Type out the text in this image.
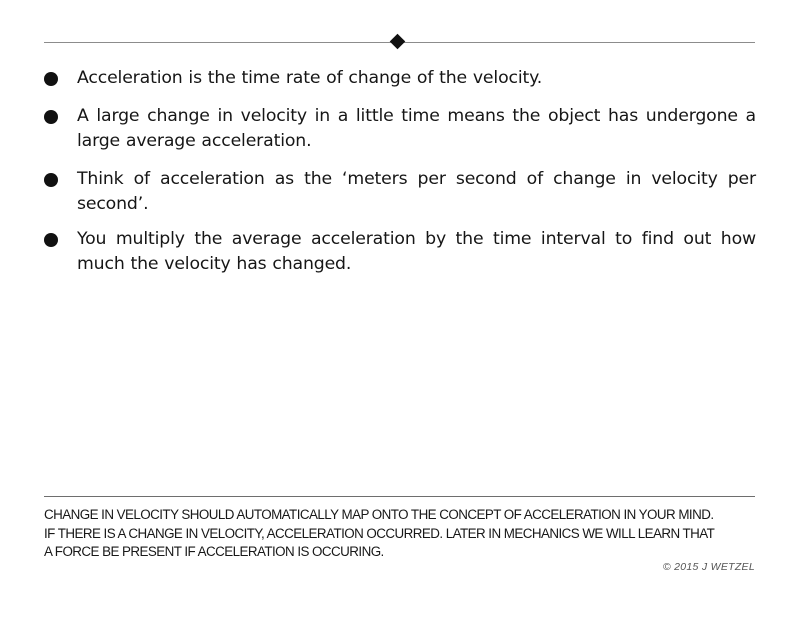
Acceleration is the time rate of change of the velocity.
A large change in velocity in a little time means the object has undergone a large average acceleration.
Think of acceleration as the ‘meters per second of change in velocity per second’.
You multiply the average acceleration by the time interval to find out how much the velocity has changed.
CHANGE IN VELOCITY SHOULD AUTOMATICALLY MAP ONTO THE CONCEPT OF ACCELERATION IN YOUR MIND.
IF THERE IS A CHANGE IN VELOCITY, ACCELERATION OCCURRED. LATER IN MECHANICS WE WILL LEARN THAT
A FORCE BE PRESENT IF ACCELERATION IS OCCURING.
© 2015 J WETZEL
